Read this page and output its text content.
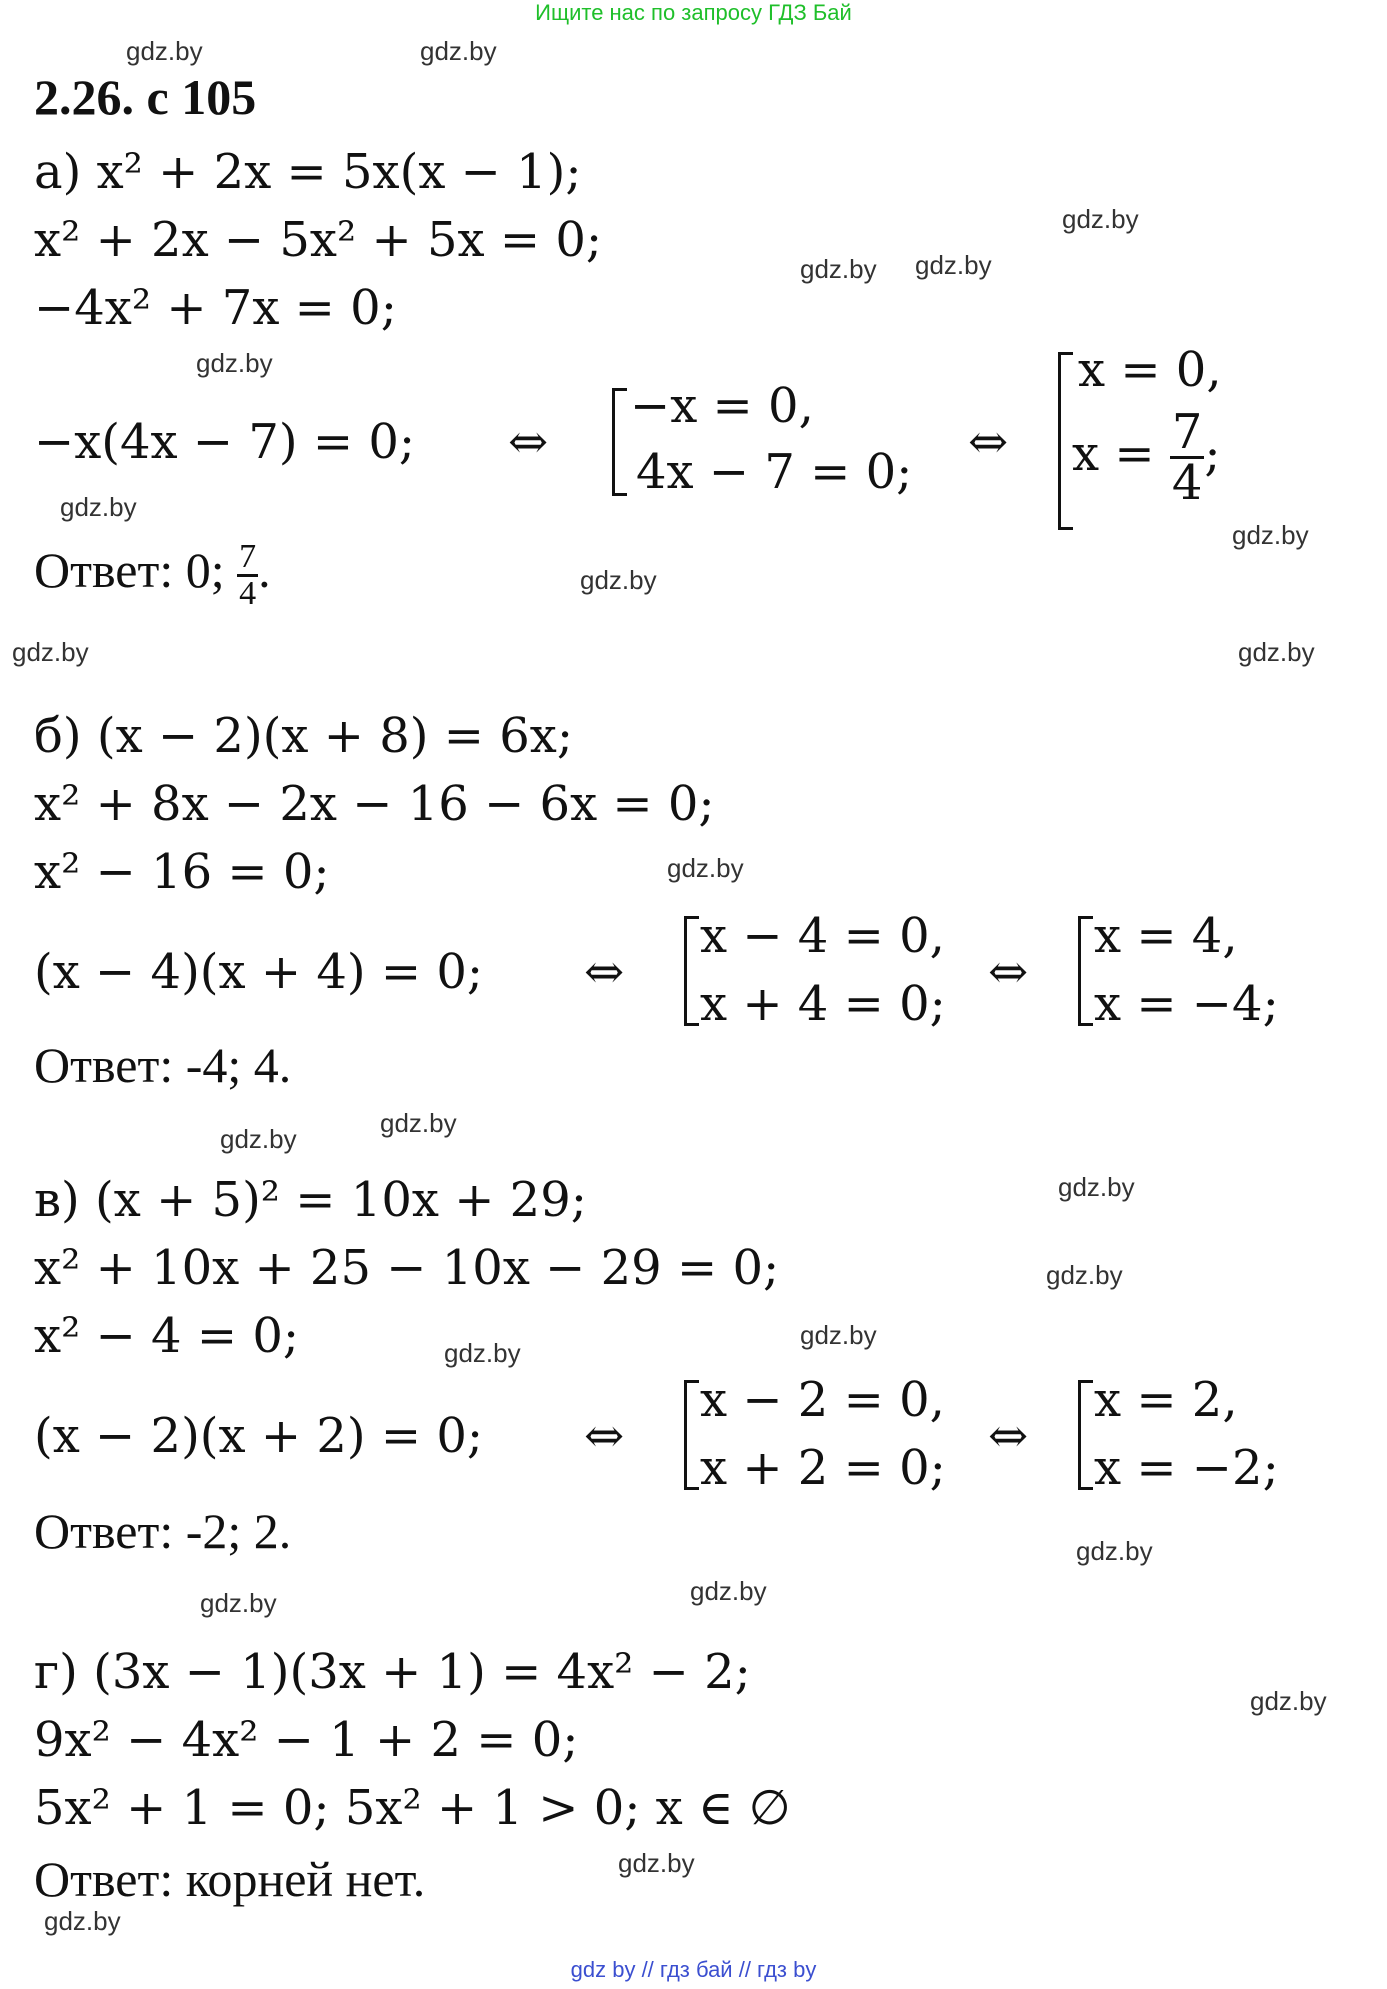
Ищите нас по запросу ГДЗ Бай
gdz.by	gdz.by
gdz.by
gdz.by gdz.by
gdz.by
gdz.by
gdz.by
gdz.by
gdz.by	gdz.by
gdz.by
gdz.by
gdz.by
gdz.by
gdz.by
gdz.by
gdz.by
gdz.by
gdz.by
gdz.by
gdz.by
gdz.by
gdz.by
2.26. с 105
а) x² + 2x = 5x(x − 1);
x² + 2x − 5x² + 5x = 0;
−4x² + 7x = 0;
−x(4x − 7) = 0; ⇔
−x = 0,
4x − 7 = 0;
⇔
x = 0,
$x = \frac{7}{4}$ ;
Ответ: 0; $\frac{7}{4}$ .
б) (x − 2)(x + 8) = 6x;
x² + 8x − 2x − 16 − 6x = 0;
x² − 16 = 0;
(x − 4)(x + 4) = 0; ⇔
x − 4 = 0,
x + 4 = 0;
⇔
x = 4,
x = −4;
Ответ: -4; 4.
в) (x + 5)² = 10x + 29;
x² + 10x + 25 − 10x − 29 = 0;
x² − 4 = 0;
(x − 2)(x + 2) = 0; ⇔
x − 2 = 0,
x + 2 = 0;
⇔
x = 2,
x = −2;
Ответ: -2; 2.
г) (3x − 1)(3x + 1) = 4x² − 2;
9x² − 4x² − 1 + 2 = 0;
5x² + 1 = 0; 5x² + 1 > 0; x ∈ ∅
Ответ: корней нет.
gdz by // гдз бай // гдз by
